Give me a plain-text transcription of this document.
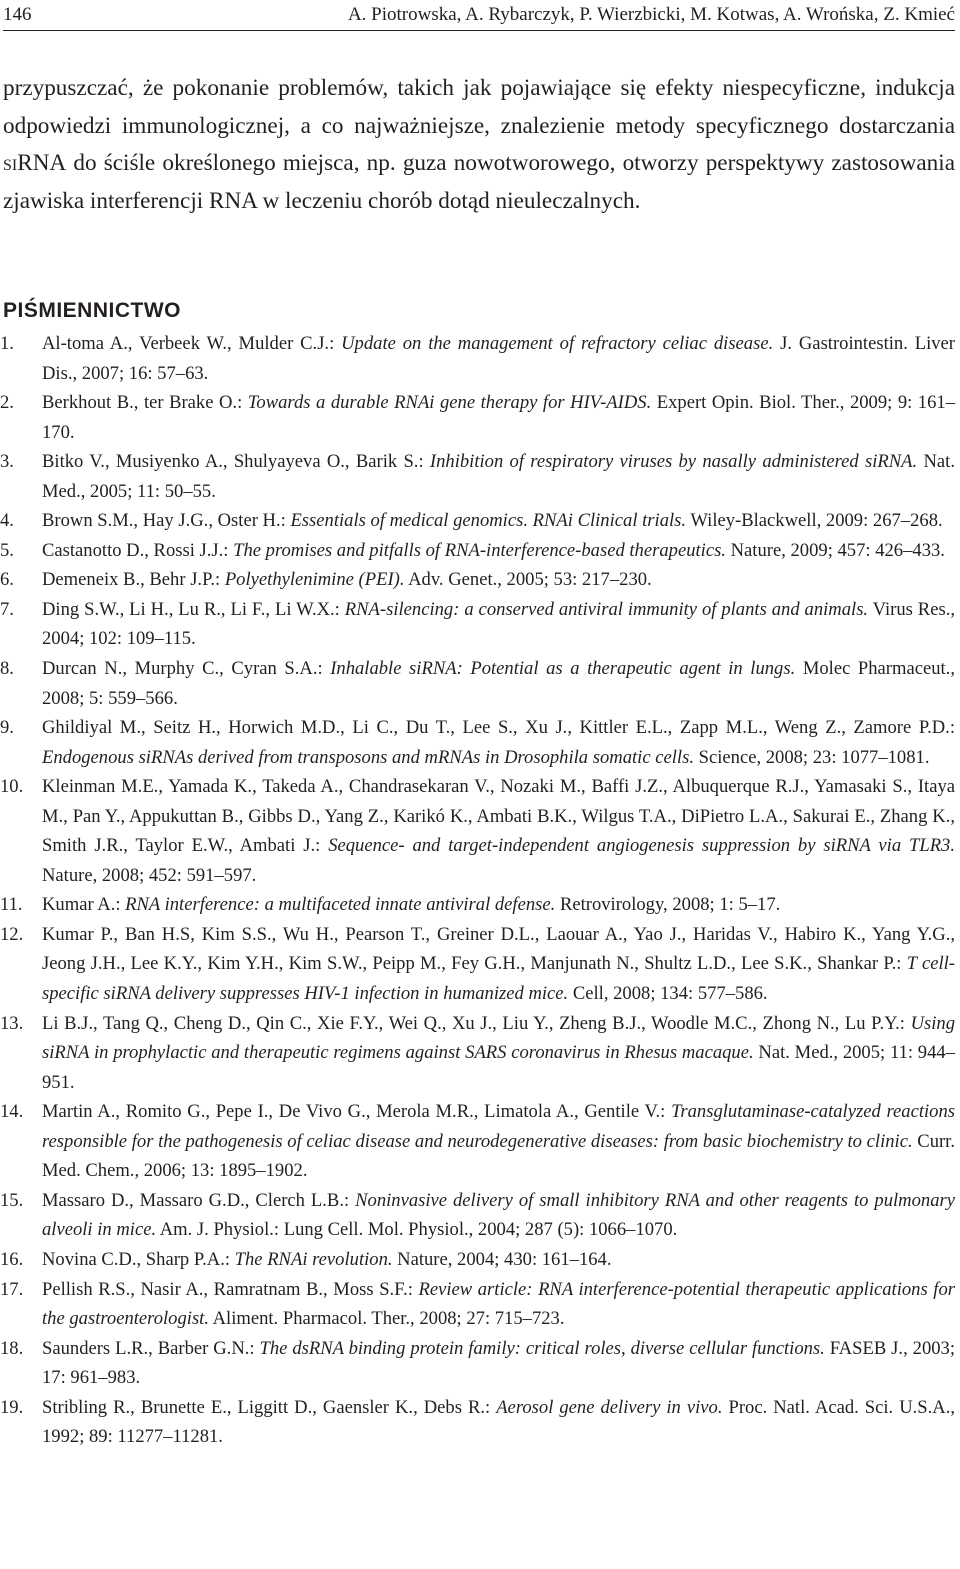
146	A. Piotrowska, A. Rybarczyk, P. Wierzbicki, M. Kotwas, A. Wrońska, Z. Kmieć

przypuszczać, że pokonanie problemów, takich jak pojawiające się efekty niespecyficzne, indukcja odpowiedzi immunologicznej, a co najważniejsze, znalezienie metody specyficznego dostarczania siRNA do ściśle określonego miejsca, np. guza nowotworowego, otworzy perspektywy zastosowania zjawiska interferencji RNA w leczeniu chorób dotąd nieuleczalnych.

PIŚMIENNICTWO
1.	Al-toma A., Verbeek W., Mulder C.J.: Update on the management of refractory celiac disease. J. Gastrointestin. Liver Dis., 2007; 16: 57–63.
2.	Berkhout B., ter Brake O.: Towards a durable RNAi gene therapy for HIV-AIDS. Expert Opin. Biol. Ther., 2009; 9: 161–170.
3.	Bitko V., Musiyenko A., Shulyayeva O., Barik S.: Inhibition of respiratory viruses by nasally administered siRNA. Nat. Med., 2005; 11: 50–55.
4.	Brown S.M., Hay J.G., Oster H.: Essentials of medical genomics. RNAi Clinical trials. Wiley-Blackwell, 2009: 267–268.
5.	Castanotto D., Rossi J.J.: The promises and pitfalls of RNA-interference-based therapeutics. Nature, 2009; 457: 426–433.
6.	Demeneix B., Behr J.P.: Polyethylenimine (PEI). Adv. Genet., 2005; 53: 217–230.
7.	Ding S.W., Li H., Lu R., Li F., Li W.X.: RNA-silencing: a conserved antiviral immunity of plants and animals. Virus Res., 2004; 102: 109–115.
8.	Durcan N., Murphy C., Cyran S.A.: Inhalable siRNA: Potential as a therapeutic agent in lungs. Molec Pharmaceut., 2008; 5: 559–566.
9.	Ghildiyal M., Seitz H., Horwich M.D., Li C., Du T., Lee S., Xu J., Kittler E.L., Zapp M.L., Weng Z., Zamore P.D.: Endogenous siRNAs derived from transposons and mRNAs in Drosophila somatic cells. Science, 2008; 23: 1077–1081.
10.	Kleinman M.E., Yamada K., Takeda A., Chandrasekaran V., Nozaki M., Baffi J.Z., Albuquerque R.J., Yamasaki S., Itaya M., Pan Y., Appukuttan B., Gibbs D., Yang Z., Karikó K., Ambati B.K., Wilgus T.A., DiPietro L.A., Sakurai E., Zhang K., Smith J.R., Taylor E.W., Ambati J.: Sequence- and target-independent angiogenesis suppression by siRNA via TLR3. Nature, 2008; 452: 591–597.
11.	Kumar A.: RNA interference: a multifaceted innate antiviral defense. Retrovirology, 2008; 1: 5–17.
12.	Kumar P., Ban H.S, Kim S.S., Wu H., Pearson T., Greiner D.L., Laouar A., Yao J., Haridas V., Habiro K., Yang Y.G., Jeong J.H., Lee K.Y., Kim Y.H., Kim S.W., Peipp M., Fey G.H., Manjunath N., Shultz L.D., Lee S.K., Shankar P.: T cell-specific siRNA delivery suppresses HIV-1 infection in humanized mice. Cell, 2008; 134: 577–586.
13.	Li B.J., Tang Q., Cheng D., Qin C., Xie F.Y., Wei Q., Xu J., Liu Y., Zheng B.J., Woodle M.C., Zhong N., Lu P.Y.: Using siRNA in prophylactic and therapeutic regimens against SARS coronavirus in Rhesus macaque. Nat. Med., 2005; 11: 944–951.
14.	Martin A., Romito G., Pepe I., De Vivo G., Merola M.R., Limatola A., Gentile V.: Transglutaminase-catalyzed reactions responsible for the pathogenesis of celiac disease and neurodegenerative diseases: from basic biochemistry to clinic. Curr. Med. Chem., 2006; 13: 1895–1902.
15.	Massaro D., Massaro G.D., Clerch L.B.: Noninvasive delivery of small inhibitory RNA and other reagents to pulmonary alveoli in mice. Am. J. Physiol.: Lung Cell. Mol. Physiol., 2004; 287 (5): 1066–1070.
16.	Novina C.D., Sharp P.A.: The RNAi revolution. Nature, 2004; 430: 161–164.
17.	Pellish R.S., Nasir A., Ramratnam B., Moss S.F.: Review article: RNA interference-potential therapeutic applications for the gastroenterologist. Aliment. Pharmacol. Ther., 2008; 27: 715–723.
18.	Saunders L.R., Barber G.N.: The dsRNA binding protein family: critical roles, diverse cellular functions. FASEB J., 2003; 17: 961–983.
19.	Stribling R., Brunette E., Liggitt D., Gaensler K., Debs R.: Aerosol gene delivery in vivo. Proc. Natl. Acad. Sci. U.S.A., 1992; 89: 11277–11281.
